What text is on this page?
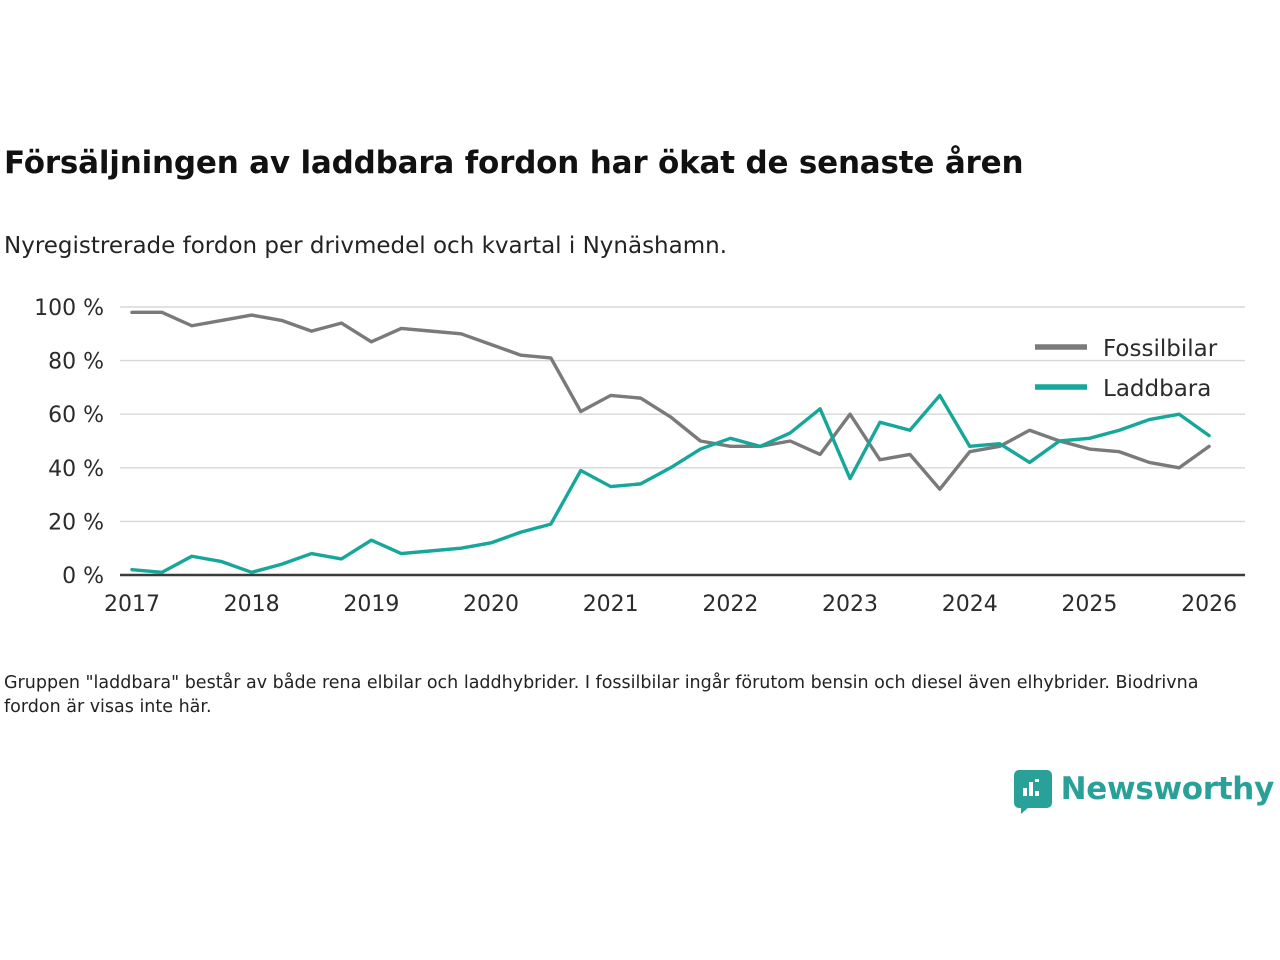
Försäljningen av laddbara fordon har ökat de senaste åren
Nyregistrerade fordon per drivmedel och kvartal i Nynäshamn.
0 %
20 %
40 %
60 %
80 %
100 %
2017	2018	2019	2020	2021	2022	2023	2024	2025	2026
Fossilbilar
Laddbara
Gruppen "laddbara" består av både rena elbilar och laddhybrider. I fossilbilar ingår förutom bensin och diesel även elhybrider. Biodrivna fordon är visas inte här.
Newsworthy
